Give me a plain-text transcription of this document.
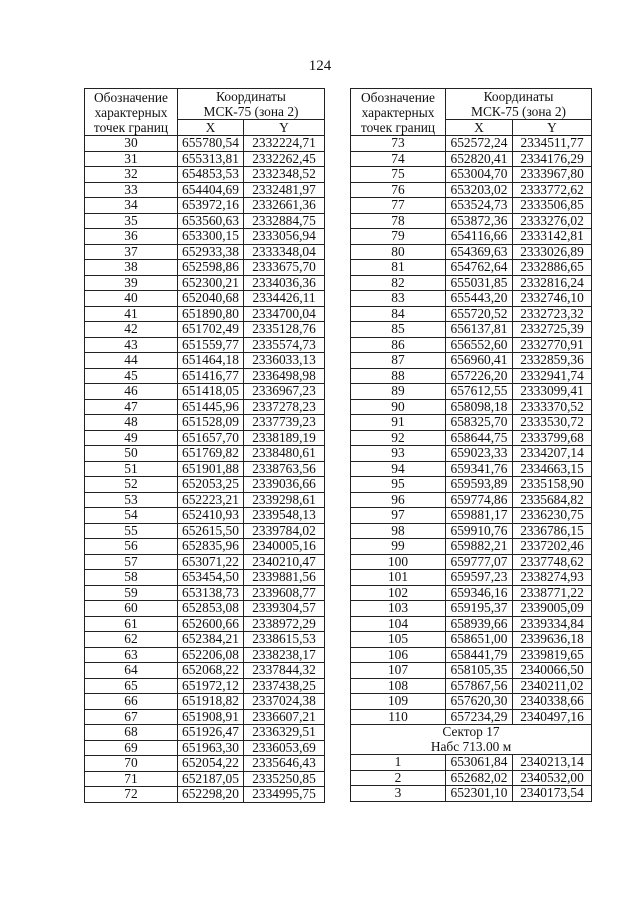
124
Обозначение
характерных
точек границ	Координаты	
	МСК-75 (зона 2)	
	X	Y
30	655780,54	2332224,71
31	655313,81	2332262,45
32	654853,53	2332348,52
33	654404,69	2332481,97
34	653972,16	2332661,36
35	653560,63	2332884,75
36	653300,15	2333056,94
37	652933,38	2333348,04
38	652598,86	2333675,70
39	652300,21	2334036,36
40	652040,68	2334426,11
41	651890,80	2334700,04
42	651702,49	2335128,76
43	651559,77	2335574,73
44	651464,18	2336033,13
45	651416,77	2336498,98
46	651418,05	2336967,23
47	651445,96	2337278,23
48	651528,09	2337739,23
49	651657,70	2338189,19
50	651769,82	2338480,61
51	651901,88	2338763,56
52	652053,25	2339036,66
53	652223,21	2339298,61
54	652410,93	2339548,13
55	652615,50	2339784,02
56	652835,96	2340005,16
57	653071,22	2340210,47
58	653454,50	2339881,56
59	653138,73	2339608,77
60	652853,08	2339304,57
61	652600,66	2338972,29
62	652384,21	2338615,53
63	652206,08	2338238,17
64	652068,22	2337844,32
65	651972,12	2337438,25
66	651918,82	2337024,38
67	651908,91	2336607,21
68	651926,47	2336329,51
69	651963,30	2336053,69
70	652054,22	2335646,43
71	652187,05	2335250,85
72	652298,20	2334995,75
Обозначение
характерных
точек границ	Координаты	
	МСК-75 (зона 2)	
	X	Y
73	652572,24	2334511,77
74	652820,41	2334176,29
75	653004,70	2333967,80
76	653203,02	2333772,62
77	653524,73	2333506,85
78	653872,36	2333276,02
79	654116,66	2333142,81
80	654369,63	2333026,89
81	654762,64	2332886,65
82	655031,85	2332816,24
83	655443,20	2332746,10
84	655720,52	2332723,32
85	656137,81	2332725,39
86	656552,60	2332770,91
87	656960,41	2332859,36
88	657226,20	2332941,74
89	657612,55	2333099,41
90	658098,18	2333370,52
91	658325,70	2333530,72
92	658644,75	2333799,68
93	659023,33	2334207,14
94	659341,76	2334663,15
95	659593,89	2335158,90
96	659774,86	2335684,82
97	659881,17	2336230,75
98	659910,76	2336786,15
99	659882,21	2337202,46
100	659777,07	2337748,62
101	659597,23	2338274,93
102	659346,16	2338771,22
103	659195,37	2339005,09
104	658939,66	2339334,84
105	658651,00	2339636,18
106	658441,79	2339819,65
107	658105,35	2340066,50
108	657867,56	2340211,02
109	657620,30	2340338,66
110	657234,29	2340497,16
Сектор 17		
Набс 713.00 м		
1	653061,84	2340213,14
2	652682,02	2340532,00
3	652301,10	2340173,54
